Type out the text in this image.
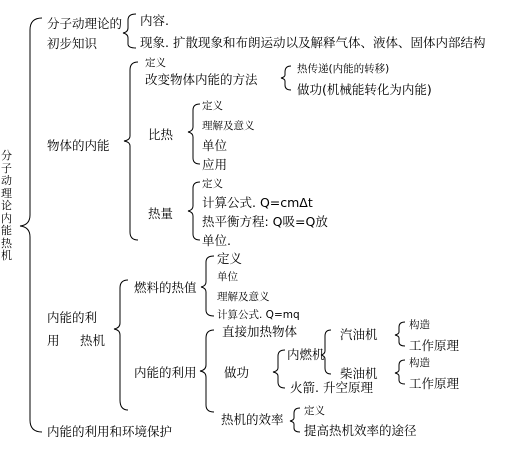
分子动理论 内能热机
分子动理论的初步知识
内容.
现象. 扩散现象和布朗运动以及解释气体、液体、固体内部结构
物体的内能
定义
改变物体内能的方法
热传递(内能的转移)
做功(机械能转化为内能)
比热
定义
理解及意义
单位
应用
热量
定义
计算公式. Q=cmΔt
热平衡方程: Q吸=Q放
单位.
内能的利
用 热机
燃料的热值
定义
单位
理解及意义
计算公式. Q=mq
内能的利用
直接加热物体
做功
内燃机
火箭. 升空原理
汽油机
柴油机
构造
工作原理
构造
工作原理
热机的效率
定义
提高热机效率的途径
内能的利用和环境保护
